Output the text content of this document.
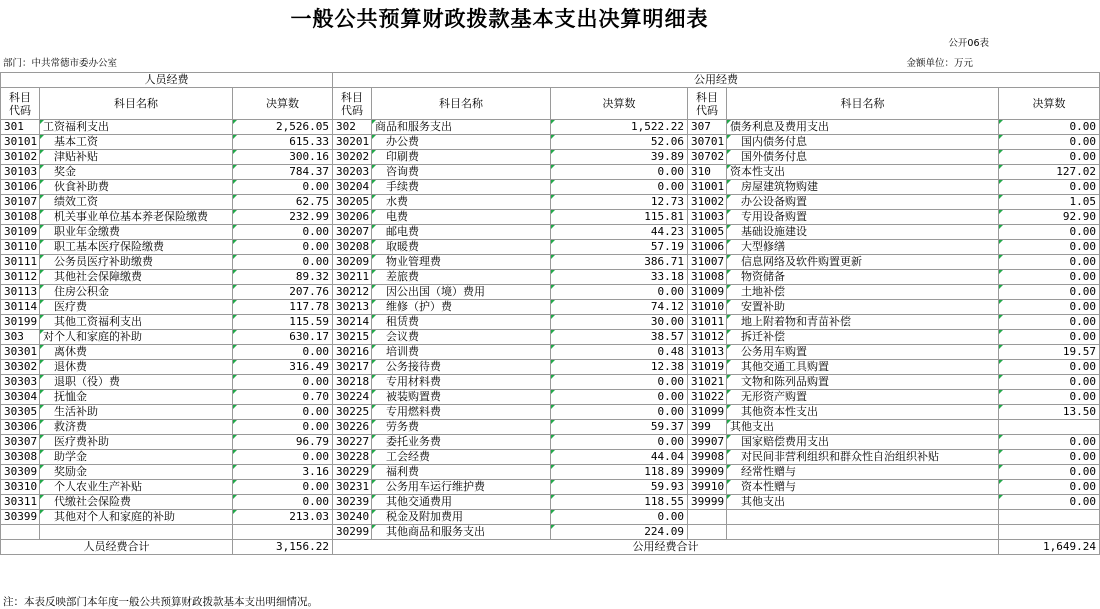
一般公共预算财政拨款基本支出决算明细表
公开06表
部门：中共常德市委办公室	金额单位：万元
人员经费			公用经费					
科目代码	科目名称	决算数	科目代码	科目名称	决算数	科目代码	科目名称	决算数
301	工资福利支出	2,526.05	302	商品和服务支出	1,522.22	307	债务利息及费用支出	0.00
30101	基本工资	615.33	30201	办公费	52.06	30701	国内债务付息	0.00
30102	津贴补贴	300.16	30202	印刷费	39.89	30702	国外债务付息	0.00
30103	奖金	784.37	30203	咨询费	0.00	310	资本性支出	127.02
30106	伙食补助费	0.00	30204	手续费	0.00	31001	房屋建筑物购建	0.00
30107	绩效工资	62.75	30205	水费	12.73	31002	办公设备购置	1.05
30108	机关事业单位基本养老保险缴费	232.99	30206	电费	115.81	31003	专用设备购置	92.90
30109	职业年金缴费	0.00	30207	邮电费	44.23	31005	基础设施建设	0.00
30110	职工基本医疗保险缴费	0.00	30208	取暖费	57.19	31006	大型修缮	0.00
30111	公务员医疗补助缴费	0.00	30209	物业管理费	386.71	31007	信息网络及软件购置更新	0.00
30112	其他社会保障缴费	89.32	30211	差旅费	33.18	31008	物资储备	0.00
30113	住房公积金	207.76	30212	因公出国（境）费用	0.00	31009	土地补偿	0.00
30114	医疗费	117.78	30213	维修（护）费	74.12	31010	安置补助	0.00
30199	其他工资福利支出	115.59	30214	租赁费	30.00	31011	地上附着物和青苗补偿	0.00
303	对个人和家庭的补助	630.17	30215	会议费	38.57	31012	拆迁补偿	0.00
30301	离休费	0.00	30216	培训费	0.48	31013	公务用车购置	19.57
30302	退休费	316.49	30217	公务接待费	12.38	31019	其他交通工具购置	0.00
30303	退职（役）费	0.00	30218	专用材料费	0.00	31021	文物和陈列品购置	0.00
30304	抚恤金	0.70	30224	被装购置费	0.00	31022	无形资产购置	0.00
30305	生活补助	0.00	30225	专用燃料费	0.00	31099	其他资本性支出	13.50
30306	救济费	0.00	30226	劳务费	59.37	399	其他支出	
30307	医疗费补助	96.79	30227	委托业务费	0.00	39907	国家赔偿费用支出	0.00
30308	助学金	0.00	30228	工会经费	44.04	39908	对民间非营利组织和群众性自治组织补贴	0.00
30309	奖励金	3.16	30229	福利费	118.89	39909	经常性赠与	0.00
30310	个人农业生产补贴	0.00	30231	公务用车运行维护费	59.93	39910	资本性赠与	0.00
30311	代缴社会保险费	0.00	30239	其他交通费用	118.55	39999	其他支出	0.00
30399	其他对个人和家庭的补助	213.03	30240	税金及附加费用	0.00			
			30299	其他商品和服务支出	224.09			
人员经费合计		3,156.22	公用经费合计					1,649.24
注：本表反映部门本年度一般公共预算财政拨款基本支出明细情况。
